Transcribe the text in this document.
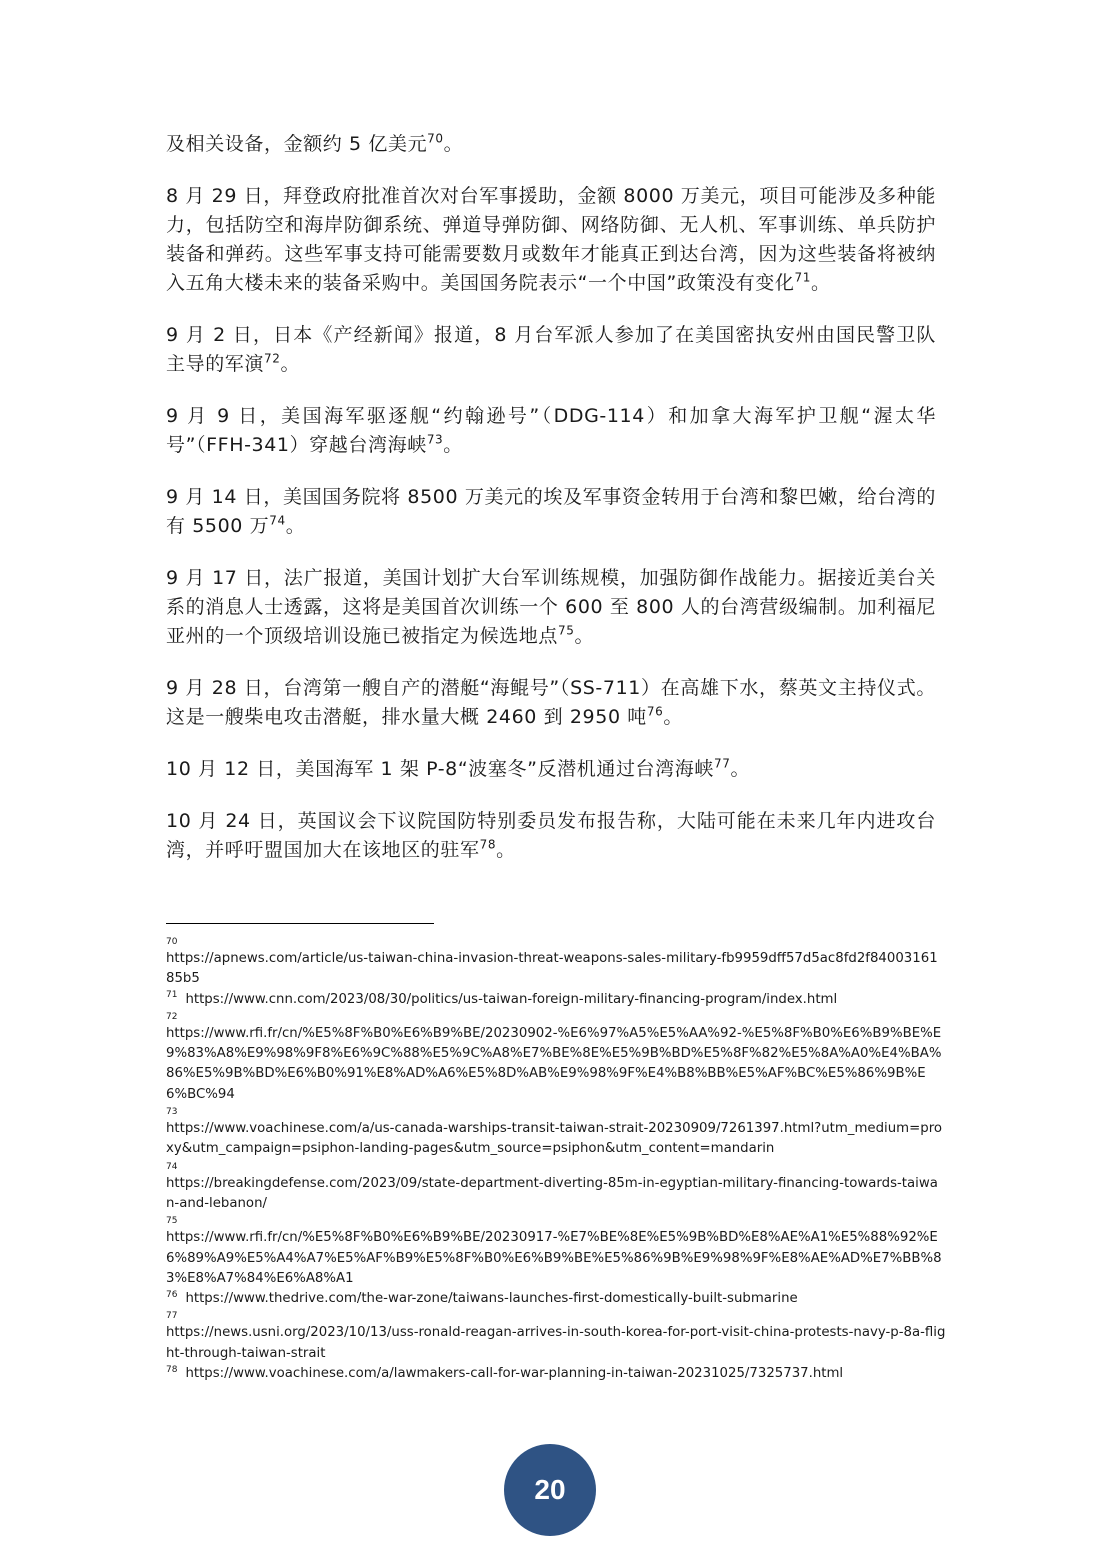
及相关设备，金额约 5 亿美元$^{70}$。

8 月 29 日，拜登政府批准首次对台军事援助，金额 8000 万美元，项目可能涉及多种能力，包括防空和海岸防御系统、弹道导弹防御、网络防御、无人机、军事训练、单兵防护装备和弹药。这些军事支持可能需要数月或数年才能真正到达台湾，因为这些装备将被纳入五角大楼未来的装备采购中。美国国务院表示“一个中国”政策没有变化$^{71}$。

9 月 2 日，日本《产经新闻》报道，8 月台军派人参加了在美国密执安州由国民警卫队主导的军演$^{72}$。

9 月 9 日，美国海军驱逐舰“约翰逊号”（DDG-114）和加拿大海军护卫舰“渥太华号”（FFH-341）穿越台湾海峡$^{73}$。

9 月 14 日，美国国务院将 8500 万美元的埃及军事资金转用于台湾和黎巴嫩，给台湾的有 5500 万$^{74}$。

9 月 17 日，法广报道，美国计划扩大台军训练规模，加强防御作战能力。据接近美台关系的消息人士透露，这将是美国首次训练一个 600 至 800 人的台湾营级编制。加利福尼亚州的一个顶级培训设施已被指定为候选地点$^{75}$。

9 月 28 日，台湾第一艘自产的潜艇“海鲲号”（SS-711）在高雄下水，蔡英文主持仪式。这是一艘柴电攻击潜艇，排水量大概 2460 到 2950 吨$^{76}$。

10 月 12 日，美国海军 1 架 P-8“波塞冬”反潜机通过台湾海峡$^{77}$。

10 月 24 日，英国议会下议院国防特别委员发布报告称，大陆可能在未来几年内进攻台湾，并呼吁盟国加大在该地区的驻军$^{78}$。

70
https://apnews.com/article/us-taiwan-china-invasion-threat-weapons-sales-military-fb9959dff57d5ac8fd2f8400316185b5
$^{71}$ https://www.cnn.com/2023/08/30/politics/us-taiwan-foreign-military-financing-program/index.html
72
https://www.rfi.fr/cn/%E5%8F%B0%E6%B9%BE/20230902-%E6%97%A5%E5%AA%92-%E5%8F%B0%E6%B9%BE%E9%83%A8%E9%98%9F8%E6%9C%88%E5%9C%A8%E7%BE%8E%E5%9B%BD%E5%8F%82%E5%8A%A0%E4%BA%86%E5%9B%BD%E6%B0%91%E8%AD%A6%E5%8D%AB%E9%98%9F%E4%B8%BB%E5%AF%BC%E5%86%9B%E6%BC%94
73
https://www.voachinese.com/a/us-canada-warships-transit-taiwan-strait-20230909/7261397.html?utm_medium=proxy&utm_campaign=psiphon-landing-pages&utm_source=psiphon&utm_content=mandarin
74
https://breakingdefense.com/2023/09/state-department-diverting-85m-in-egyptian-military-financing-towards-taiwan-and-lebanon/
75
https://www.rfi.fr/cn/%E5%8F%B0%E6%B9%BE/20230917-%E7%BE%8E%E5%9B%BD%E8%AE%A1%E5%88%92%E6%89%A9%E5%A4%A7%E5%AF%B9%E5%8F%B0%E6%B9%BE%E5%86%9B%E9%98%9F%E8%AE%AD%E7%BB%83%E8%A7%84%E6%A8%A1
$^{76}$ https://www.thedrive.com/the-war-zone/taiwans-launches-first-domestically-built-submarine
77
https://news.usni.org/2023/10/13/uss-ronald-reagan-arrives-in-south-korea-for-port-visit-china-protests-navy-p-8a-flight-through-taiwan-strait
$^{78}$ https://www.voachinese.com/a/lawmakers-call-for-war-planning-in-taiwan-20231025/7325737.html
20
